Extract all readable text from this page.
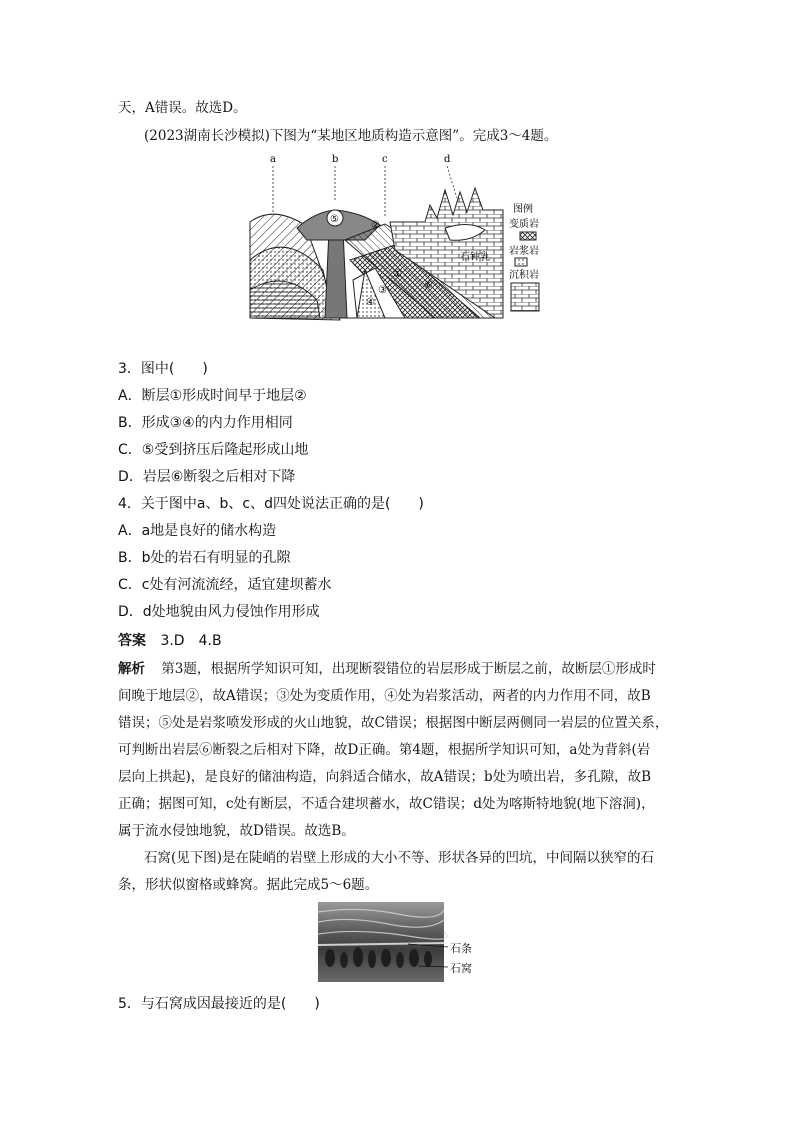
天，A错误。故选D。
(2023湖南长沙模拟)下图为“某地区地质构造示意图”。完成3～4题。
a	b	c	d
⑤
②
①
③
④
⑥
石钟乳
图例
变质岩
岩浆岩
沉积岩
3．图中(　　)
A．断层①形成时间早于地层②
B．形成③④的内力作用相同
C．⑤受到挤压后隆起形成山地
D．岩层⑥断裂之后相对下降
4．关于图中a、b、c、d四处说法正确的是(　　)
A．a地是良好的储水构造
B．b处的岩石有明显的孔隙
C．c处有河流流经，适宜建坝蓄水
D．d处地貌由风力侵蚀作用形成
答案 3.D　4.B
解析 第3题，根据所学知识可知，出现断裂错位的岩层形成于断层之前，故断层①形成时
间晚于地层②，故A错误；③处为变质作用，④处为岩浆活动，两者的内力作用不同，故B
错误；⑤处是岩浆喷发形成的火山地貌，故C错误；根据图中断层两侧同一岩层的位置关系，
可判断出岩层⑥断裂之后相对下降，故D正确。第4题，根据所学知识可知，a处为背斜(岩
层向上拱起)，是良好的储油构造，向斜适合储水，故A错误；b处为喷出岩，多孔隙，故B
正确；据图可知，c处有断层，不适合建坝蓄水，故C错误；d处为喀斯特地貌(地下溶洞)，
属于流水侵蚀地貌，故D错误。故选B。
石窝(见下图)是在陡峭的岩壁上形成的大小不等、形状各异的凹坑，中间隔以狭窄的石
条，形状似窗格或蜂窝。据此完成5～6题。
石条
石窝
5．与石窝成因最接近的是(　　)
